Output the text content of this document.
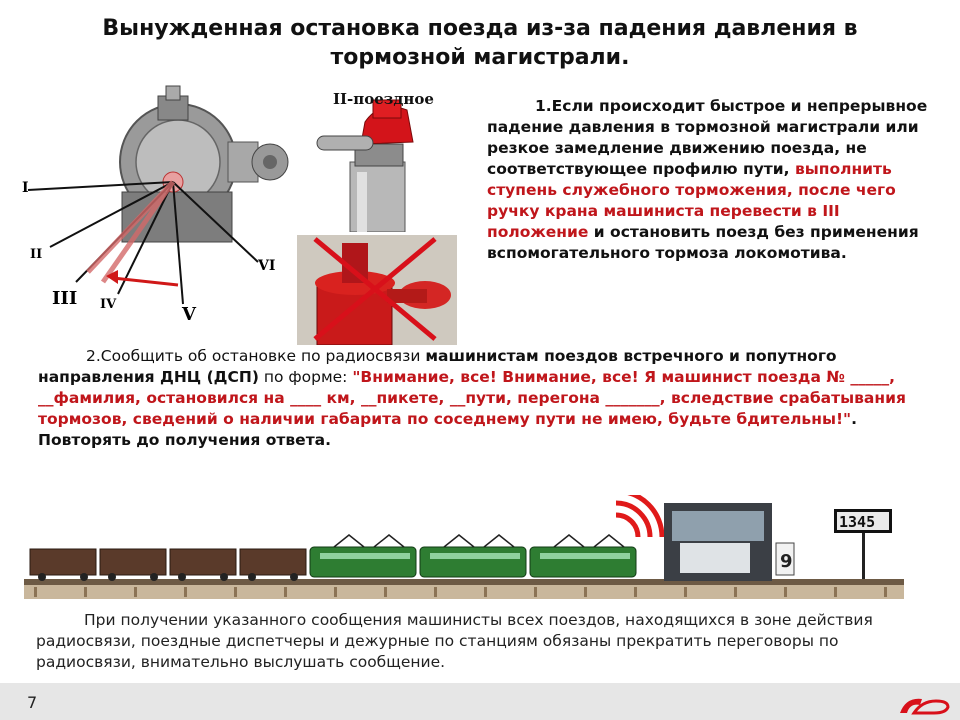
Вынужденная остановка поезда из-за падения давления в тормозной магистрали.
I
II
III IV	V
VI
II-поездное	1.Если происходит быстрое и непрерывное падение давления в тормозной магистрали или резкое замедление движению поезда, не соответствующее профилю пути, выполнить ступень служебного торможения, после чего ручку крана машиниста перевести в III положение и остановить поезд без применения вспомогательного тормоза локомотива.
2.Сообщить об остановке по радиосвязи машинистам поездов встречного и попутного направления ДНЦ (ДСП) по форме: "Внимание, все! Внимание, все! Я машинист поезда № _____, __фамилия, остановился на ____ км, __пикете, __пути, перегона _______, вследствие срабатывания тормозов, сведений о наличии габарита по соседнему пути не имею, будьте бдительны!". Повторять до получения ответа.
9
1345
При получении указанного сообщения машинисты всех поездов, находящихся в зоне действия радиосвязи, поездные диспетчеры и дежурные по станциям обязаны прекратить переговоры по радиосвязи, внимательно выслушать сообщение.
7
